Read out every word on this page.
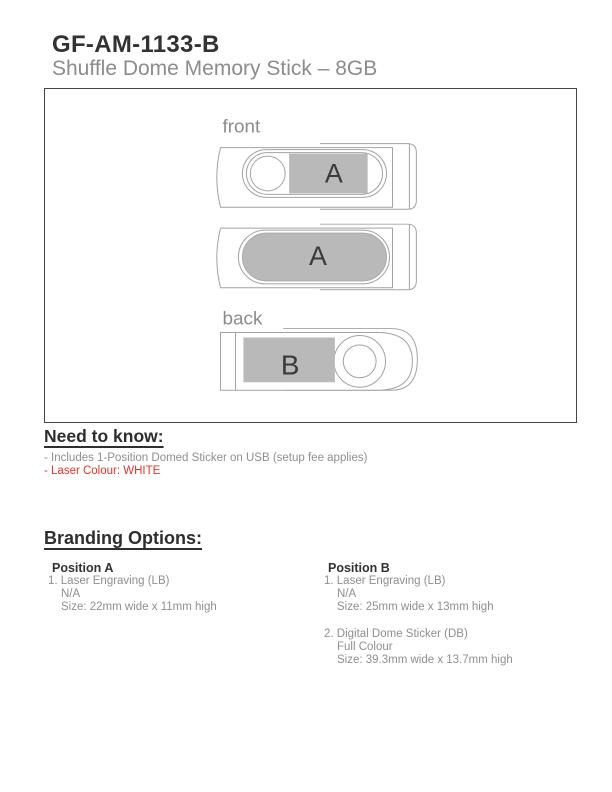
GF-AM-1133-B
Shuffle Dome Memory Stick – 8GB
front
A
A
back
B
Need to know:

- Includes 1-Position Domed Sticker on USB (setup fee applies)

- Laser Colour: WHITE

Branding Options:

Position A

1. Laser Engraving (LB)

N/A

Size: 22mm wide x 11mm high

Position B

1. Laser Engraving (LB)

N/A

Size: 25mm wide x 13mm high

2. Digital Dome Sticker (DB)

Full Colour

Size: 39.3mm wide x 13.7mm high
